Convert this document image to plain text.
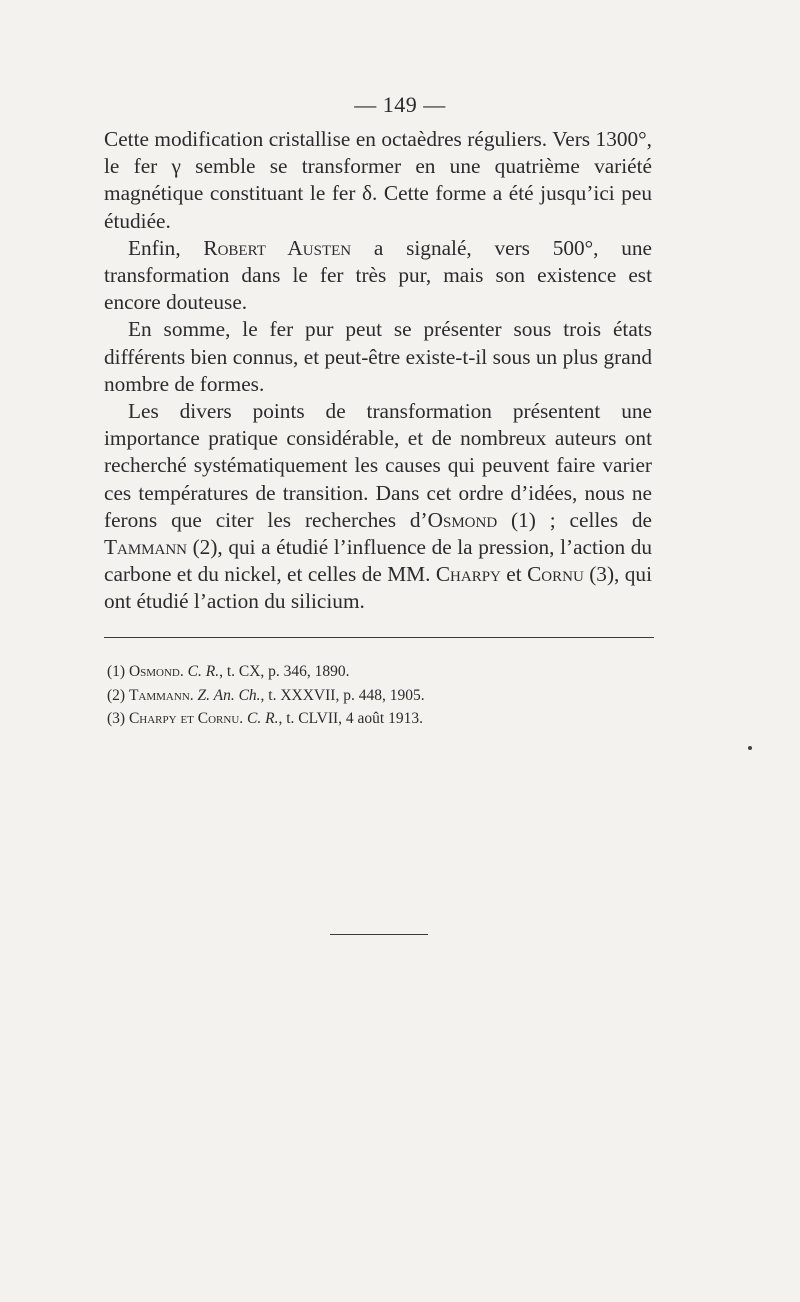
— 149 —

Cette modification cristallise en octaèdres réguliers. Vers 1300°, le fer γ semble se transformer en une quatrième variété magnétique constituant le fer δ. Cette forme a été jusqu’ici peu étudiée.

Enfin, Robert Austen a signalé, vers 500°, une transformation dans le fer très pur, mais son existence est encore douteuse.

En somme, le fer pur peut se présenter sous trois états différents bien connus, et peut-être existe-t-il sous un plus grand nombre de formes.

Les divers points de transformation présentent une importance pratique considérable, et de nombreux auteurs ont recherché systématiquement les causes qui peuvent faire varier ces températures de transition. Dans cet ordre d’idées, nous ne ferons que citer les recherches d’Osmond (1) ; celles de Tammann (2), qui a étudié l’influence de la pression, l’action du carbone et du nickel, et celles de MM. Charpy et Cornu (3), qui ont étudié l’action du silicium.

(1) Osmond. C. R., t. CX, p. 346, 1890.
(2) Tammann. Z. An. Ch., t. XXXVII, p. 448, 1905.
(3) Charpy et Cornu. C. R., t. CLVII, 4 août 1913.
